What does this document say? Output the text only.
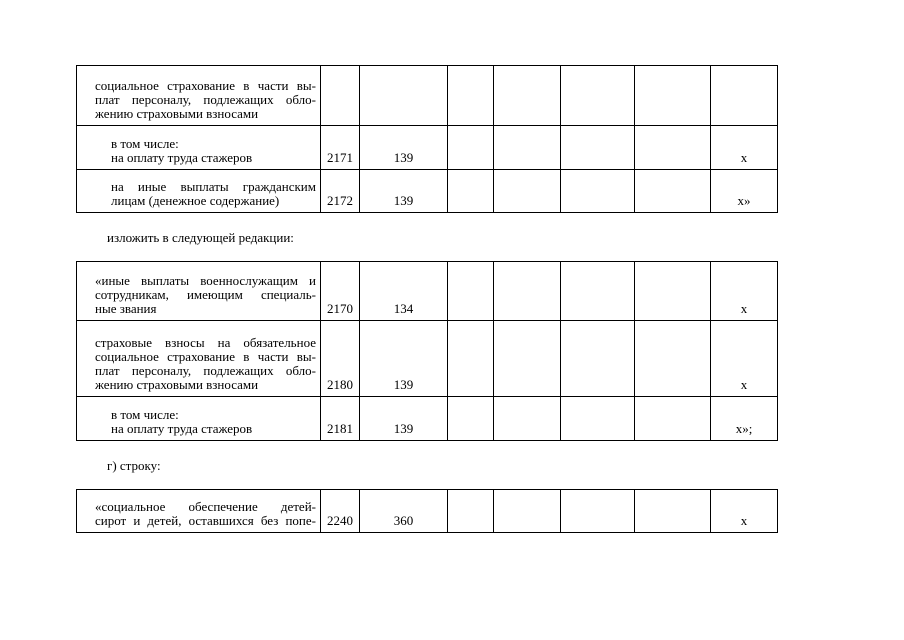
социальное страхование в части вы-
плат персоналу, подлежащих обло-
жению страховыми взносами							

в том числе:
на оплату труда стажеров	2171	139					х

на иные выплаты гражданским
лицам (денежное содержание)	2172	139					х»
изложить в следующей редакции:
«иные выплаты военнослужащим и
сотрудникам, имеющим специаль-
ные звания	2170	134					х

страховые взносы на обязательное
социальное страхование в части вы-
плат персоналу, подлежащих обло-
жению страховыми взносами	2180	139					х

в том числе:
на оплату труда стажеров	2181	139					х»;
г) строку:
«социальное обеспечение детей-
сирот и детей, оставшихся без попе-	2240	360					х
